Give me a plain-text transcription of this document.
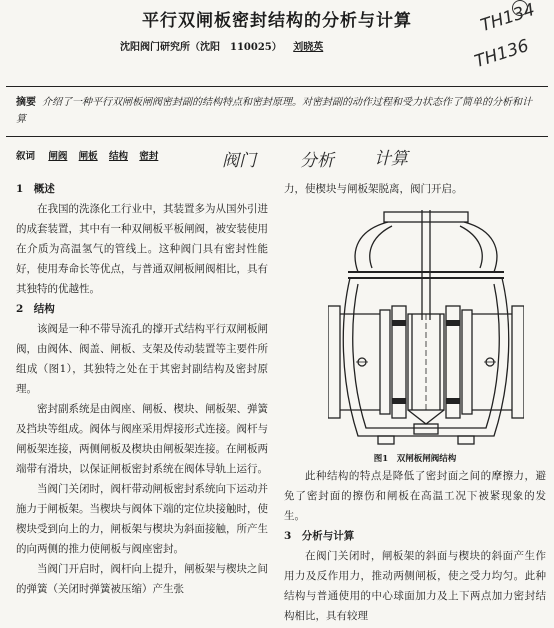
平行双闸板密封结构的分析与计算
沈阳阀门研究所（沈阳　110025） 刘晓英
TH134
TH136
摘要 介绍了一种平行双闸板闸阀密封副的结构特点和密封原理。对密封副的动作过程和受力状态作了简单的分析和计算
叙词 闸阀 闸板 结构 密封	阀门	分析 计算
1　概述

在我国的洗涤化工行业中，其装置多为从国外引进的成套装置，其中有一种双闸板平板闸阀，被安装使用在介质为高温氢气的管线上。这种阀门具有密封性能好，使用寿命长等优点，与普通双闸板闸阀相比，具有其独特的优越性。

2　结构

该阀是一种不带导流孔的撑开式结构平行双闸板闸阀，由阀体、阀盖、闸板、支架及传动装置等主要件所组成（图1），其独特之处在于其密封副结构及密封原理。

密封副系统是由阀座、闸板、楔块、闸板架、弹簧及挡块等组成。阀体与阀座采用焊接形式连接。阀杆与闸板架连接，两侧闸板及楔块由闸板架连接。在闸板两端带有滑块，以保证闸板密封系统在阀体导轨上运行。

当阀门关闭时，阀杆带动闸板密封系统向下运动并施力于闸板架。当楔块与阀体下端的定位块接触时，使楔块受到向上的力，闸板架与楔块为斜面接触，所产生的向两侧的推力使闸板与阀座密封。

当阀门开启时，阀杆向上提升，闸板架与楔块之间的弹簧（关闭时弹簧被压缩）产生张

力，使楔块与闸板架脱离，阀门开启。

图1　双闸板闸阀结构

此种结构的特点是降低了密封面之间的摩擦力，避免了密封面的擦伤和闸板在高温工况下被紧现象的发生。

3　分析与计算

在阀门关闭时，闸板架的斜面与楔块的斜面产生作用力及反作用力，推动两侧闸板，使之受力均匀。此种结构与普通使用的中心球面加力及上下两点加力密封结构相比，具有较理
